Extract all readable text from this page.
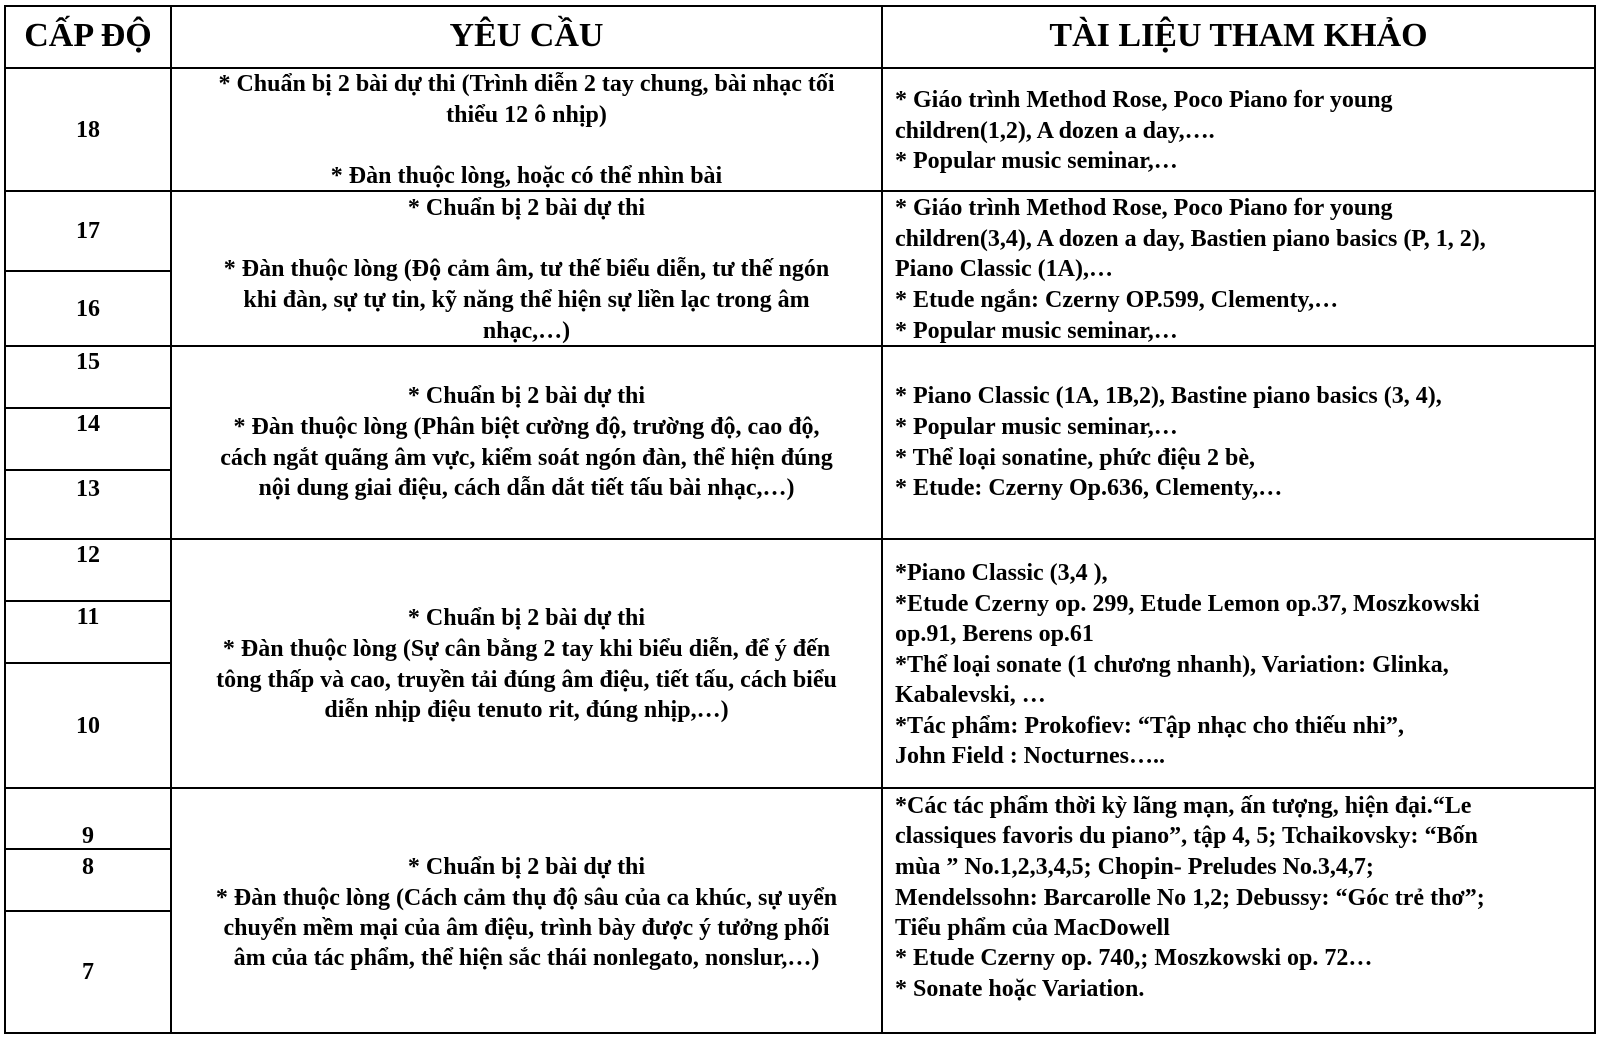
CẤP ĐỘ	YÊU CẦU	TÀI LIỆU THAM KHẢO
18
17
16
15
14
13
12
11
10
9
8
7
* Chuẩn bị 2 bài dự thi (Trình diễn 2 tay chung, bài nhạc tối
thiểu 12 ô nhịp)
* Đàn thuộc lòng, hoặc có thể nhìn bài
* Giáo trình Method Rose, Poco Piano for young
children(1,2), A dozen a day,….
* Popular music seminar,…
* Chuẩn bị 2 bài dự thi
* Đàn thuộc lòng (Độ cảm âm, tư thế biểu diễn, tư thế ngón
khi đàn, sự tự tin, kỹ năng thể hiện sự liền lạc trong âm
nhạc,…)
* Giáo trình Method Rose, Poco Piano for young
children(3,4), A dozen a day, Bastien piano basics (P, 1, 2),
Piano Classic (1A),…
* Etude ngắn: Czerny OP.599, Clementy,…
* Popular music seminar,…
* Chuẩn bị 2 bài dự thi
* Đàn thuộc lòng (Phân biệt cường độ, trường độ, cao độ,
cách ngắt quãng âm vực, kiểm soát ngón đàn, thể hiện đúng
nội dung giai điệu, cách dẫn dắt tiết tấu bài nhạc,…)
* Piano Classic (1A, 1B,2), Bastine piano basics (3, 4),
* Popular music seminar,…
* Thể loại sonatine, phức điệu 2 bè,
* Etude: Czerny Op.636, Clementy,…
* Chuẩn bị 2 bài dự thi
* Đàn thuộc lòng (Sự cân bằng 2 tay khi biểu diễn, để ý đến
tông thấp và cao, truyền tải đúng âm điệu, tiết tấu, cách biểu
diễn nhịp điệu tenuto rit, đúng nhịp,…)
*Piano Classic (3,4 ),
*Etude Czerny op. 299, Etude Lemon op.37, Moszkowski
op.91, Berens op.61
*Thể loại sonate (1 chương nhanh), Variation: Glinka,
Kabalevski, …
*Tác phẩm: Prokofiev: “Tập nhạc cho thiếu nhi”,
John Field : Nocturnes…..
* Chuẩn bị 2 bài dự thi
* Đàn thuộc lòng (Cách cảm thụ độ sâu của ca khúc, sự uyển
chuyển mềm mại của âm điệu, trình bày được ý tưởng phối
âm của tác phẩm, thể hiện sắc thái nonlegato, nonslur,…)
*Các tác phẩm thời kỳ lãng mạn, ấn tượng, hiện đại.“Le
classiques favoris du piano”, tập 4, 5; Tchaikovsky: “Bốn
mùa ” No.1,2,3,4,5; Chopin- Preludes No.3,4,7;
Mendelssohn: Barcarolle No 1,2; Debussy: “Góc trẻ thơ”;
Tiểu phẩm của MacDowell
* Etude Czerny op. 740,; Moszkowski op. 72…
* Sonate hoặc Variation.
